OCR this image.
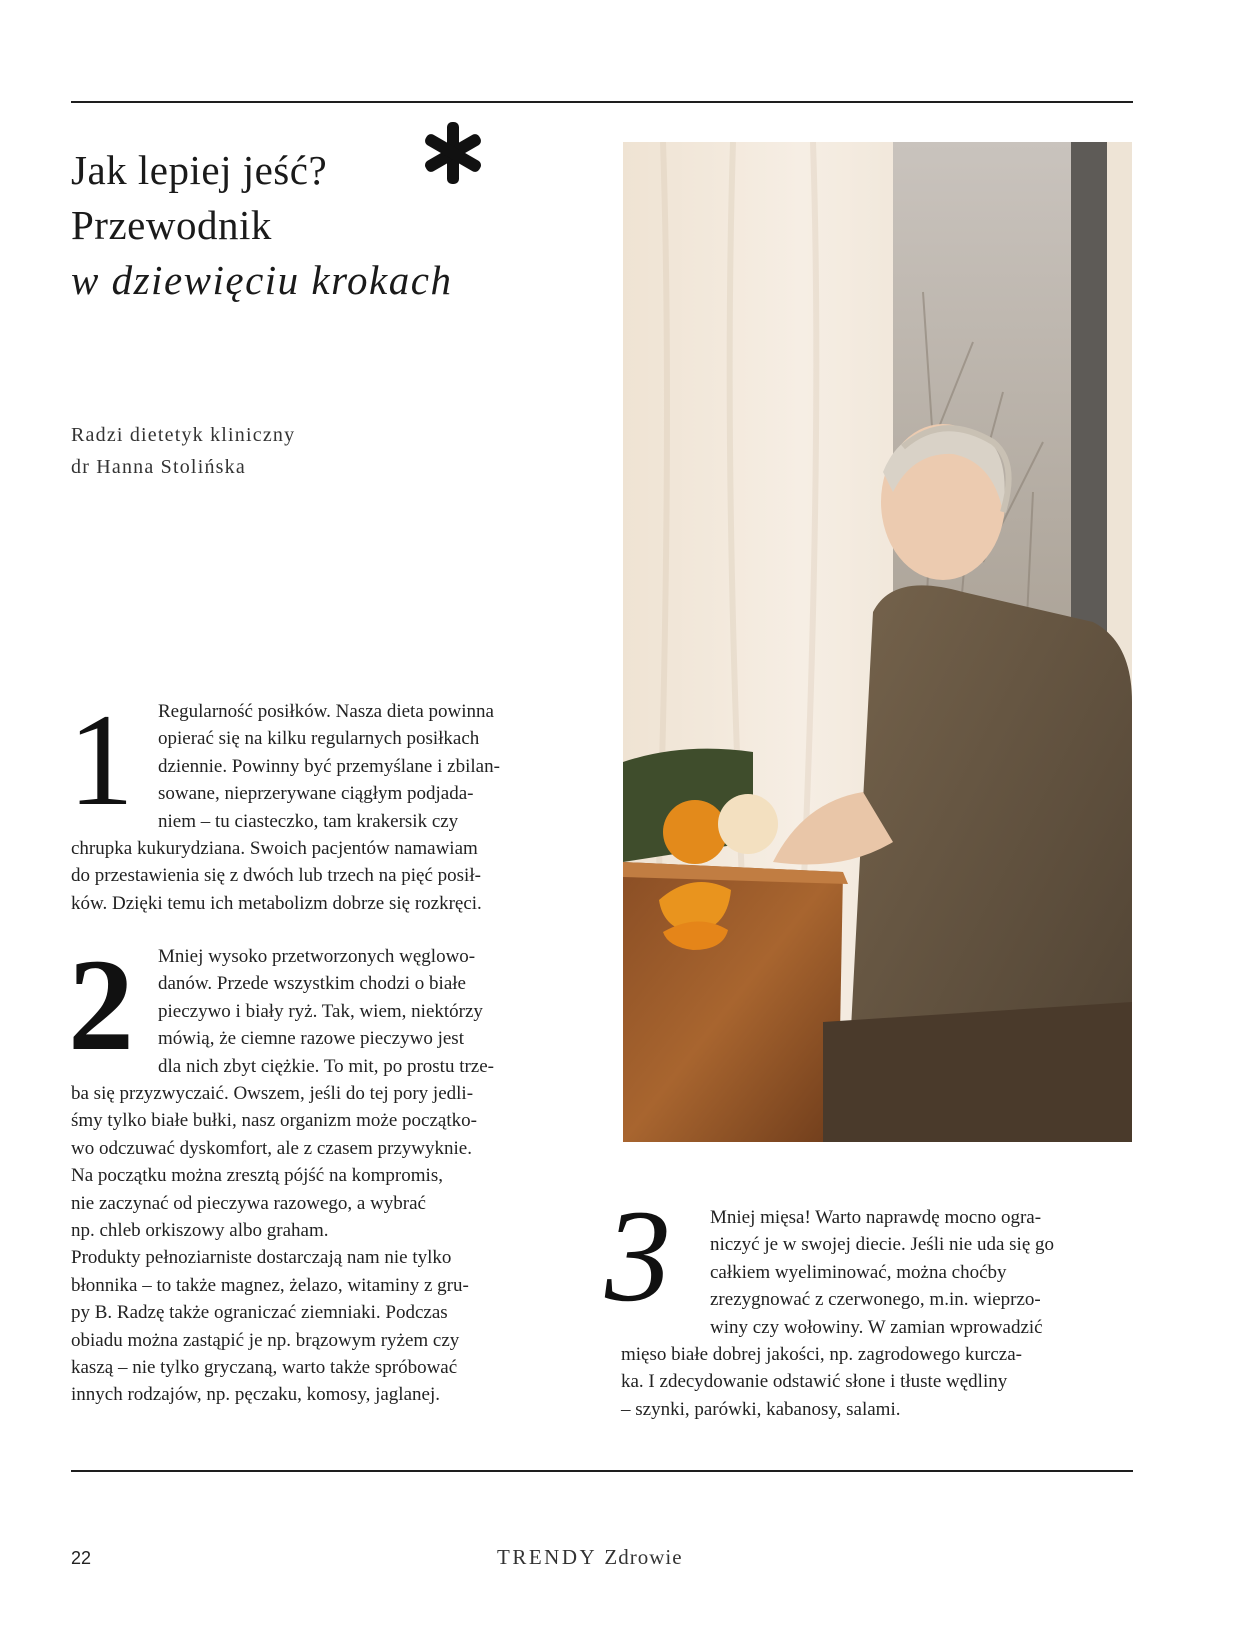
Jak lepiej jeść?
Przewodnik
w dziewięciu krokach
Radzi dietetyk kliniczny
dr Hanna Stolińska
1 Regularność posiłków. Nasza dieta powinna
opierać się na kilku regularnych posiłkach
dziennie. Powinny być przemyślane i zbilan-
sowane, nieprzerywane ciągłym podjada-
niem – tu ciasteczko, tam krakersik czy
chrupka kukurydziana. Swoich pacjentów namawiam
do przestawienia się z dwóch lub trzech na pięć posił-
ków. Dzięki temu ich metabolizm dobrze się rozkręci.
2 Mniej wysoko przetworzonych węglowo-
danów. Przede wszystkim chodzi o białe
pieczywo i biały ryż. Tak, wiem, niektórzy
mówią, że ciemne razowe pieczywo jest
dla nich zbyt ciężkie. To mit, po prostu trze-
ba się przyzwyczaić. Owszem, jeśli do tej pory jedli-
śmy tylko białe bułki, nasz organizm może początko-
wo odczuwać dyskomfort, ale z czasem przywyknie.
Na początku można zresztą pójść na kompromis,
nie zaczynać od pieczywa razowego, a wybrać
np. chleb orkiszowy albo graham.
Produkty pełnoziarniste dostarczają nam nie tylko
błonnika – to także magnez, żelazo, witaminy z gru-
py B. Radzę także ograniczać ziemniaki. Podczas
obiadu można zastąpić je np. brązowym ryżem czy
kaszą – nie tylko gryczaną, warto także spróbować
innych rodzajów, np. pęczaku, komosy, jaglanej.
3 Mniej mięsa! Warto naprawdę mocno ogra-
niczyć je w swojej diecie. Jeśli nie uda się go
całkiem wyeliminować, można choćby
zrezygnować z czerwonego, m.in. wieprzo-
winy czy wołowiny. W zamian wprowadzić
mięso białe dobrej jakości, np. zagrodowego kurcza-
ka. I zdecydowanie odstawić słone i tłuste wędliny
– szynki, parówki, kabanosy, salami.
22	TRENDY Zdrowie
